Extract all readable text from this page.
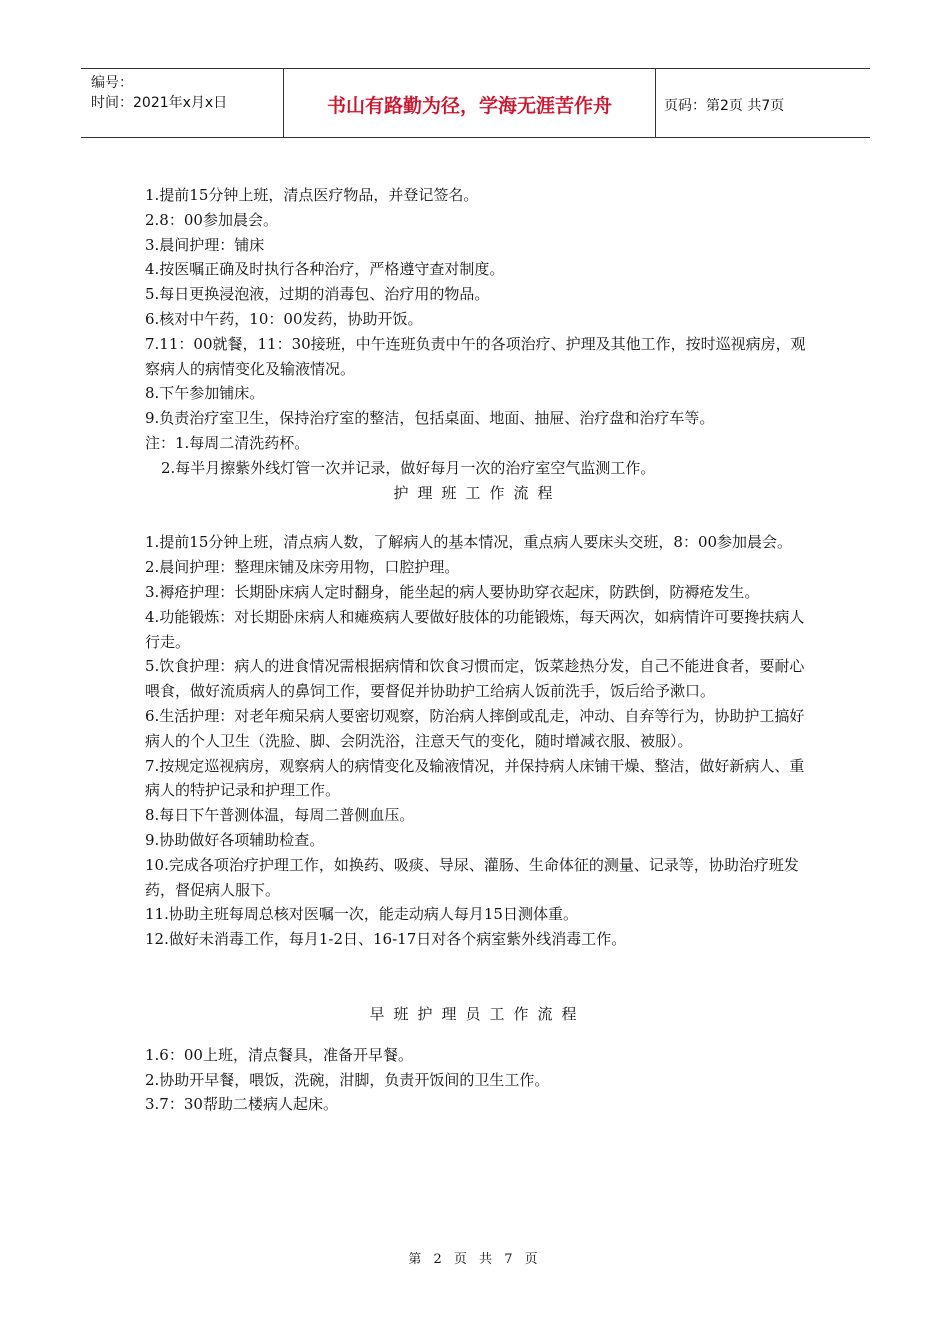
编号：
时间：2021年x月x日	书山有路勤为径，学海无涯苦作舟	页码：第2页 共7页

1.提前15分钟上班，清点医疗物品，并登记签名。

2.8：00参加晨会。

3.晨间护理：铺床

4.按医嘱正确及时执行各种治疗，严格遵守查对制度。

5.每日更换浸泡液，过期的消毒包、治疗用的物品。

6.核对中午药，10：00发药，协助开饭。

7.11：00就餐，11：30接班，中午连班负责中午的各项治疗、护理及其他工作，按时巡视病房，观察病人的病情变化及输液情况。

8.下午参加铺床。

9.负责治疗室卫生，保持治疗室的整洁，包括桌面、地面、抽屉、治疗盘和治疗车等。

注：1.每周二清洗药杯。

2.每半月擦紫外线灯管一次并记录，做好每月一次的治疗室空气监测工作。

护理班工作流程

1.提前15分钟上班，清点病人数，了解病人的基本情况，重点病人要床头交班，8：00参加晨会。

2.晨间护理：整理床铺及床旁用物，口腔护理。

3.褥疮护理：长期卧床病人定时翻身，能坐起的病人要协助穿衣起床，防跌倒，防褥疮发生。

4.功能锻炼：对长期卧床病人和瘫痪病人要做好肢体的功能锻炼，每天两次，如病情许可要搀扶病人行走。

5.饮食护理：病人的进食情况需根据病情和饮食习惯而定，饭菜趁热分发，自己不能进食者，要耐心喂食，做好流质病人的鼻饲工作，要督促并协助护工给病人饭前洗手，饭后给予漱口。

6.生活护理：对老年痴呆病人要密切观察，防治病人摔倒或乱走，冲动、自弃等行为，协助护工搞好病人的个人卫生（洗脸、脚、会阴洗浴，注意天气的变化，随时增减衣服、被服）。

7.按规定巡视病房，观察病人的病情变化及输液情况，并保持病人床铺干燥、整洁，做好新病人、重病人的特护记录和护理工作。

8.每日下午普测体温，每周二普侧血压。

9.协助做好各项辅助检查。

10.完成各项治疗护理工作，如换药、吸痰、导尿、灌肠、生命体征的测量、记录等，协助治疗班发药，督促病人服下。

11.协助主班每周总核对医嘱一次，能走动病人每月15日测体重。

12.做好未消毒工作，每月1-2日、16-17日对各个病室紫外线消毒工作。

早班护理员工作流程

1.6：00上班，清点餐具，准备开早餐。

2.协助开早餐，喂饭，洗碗，泔脚，负责开饭间的卫生工作。

3.7：30帮助二楼病人起床。

第 2 页 共 7 页
